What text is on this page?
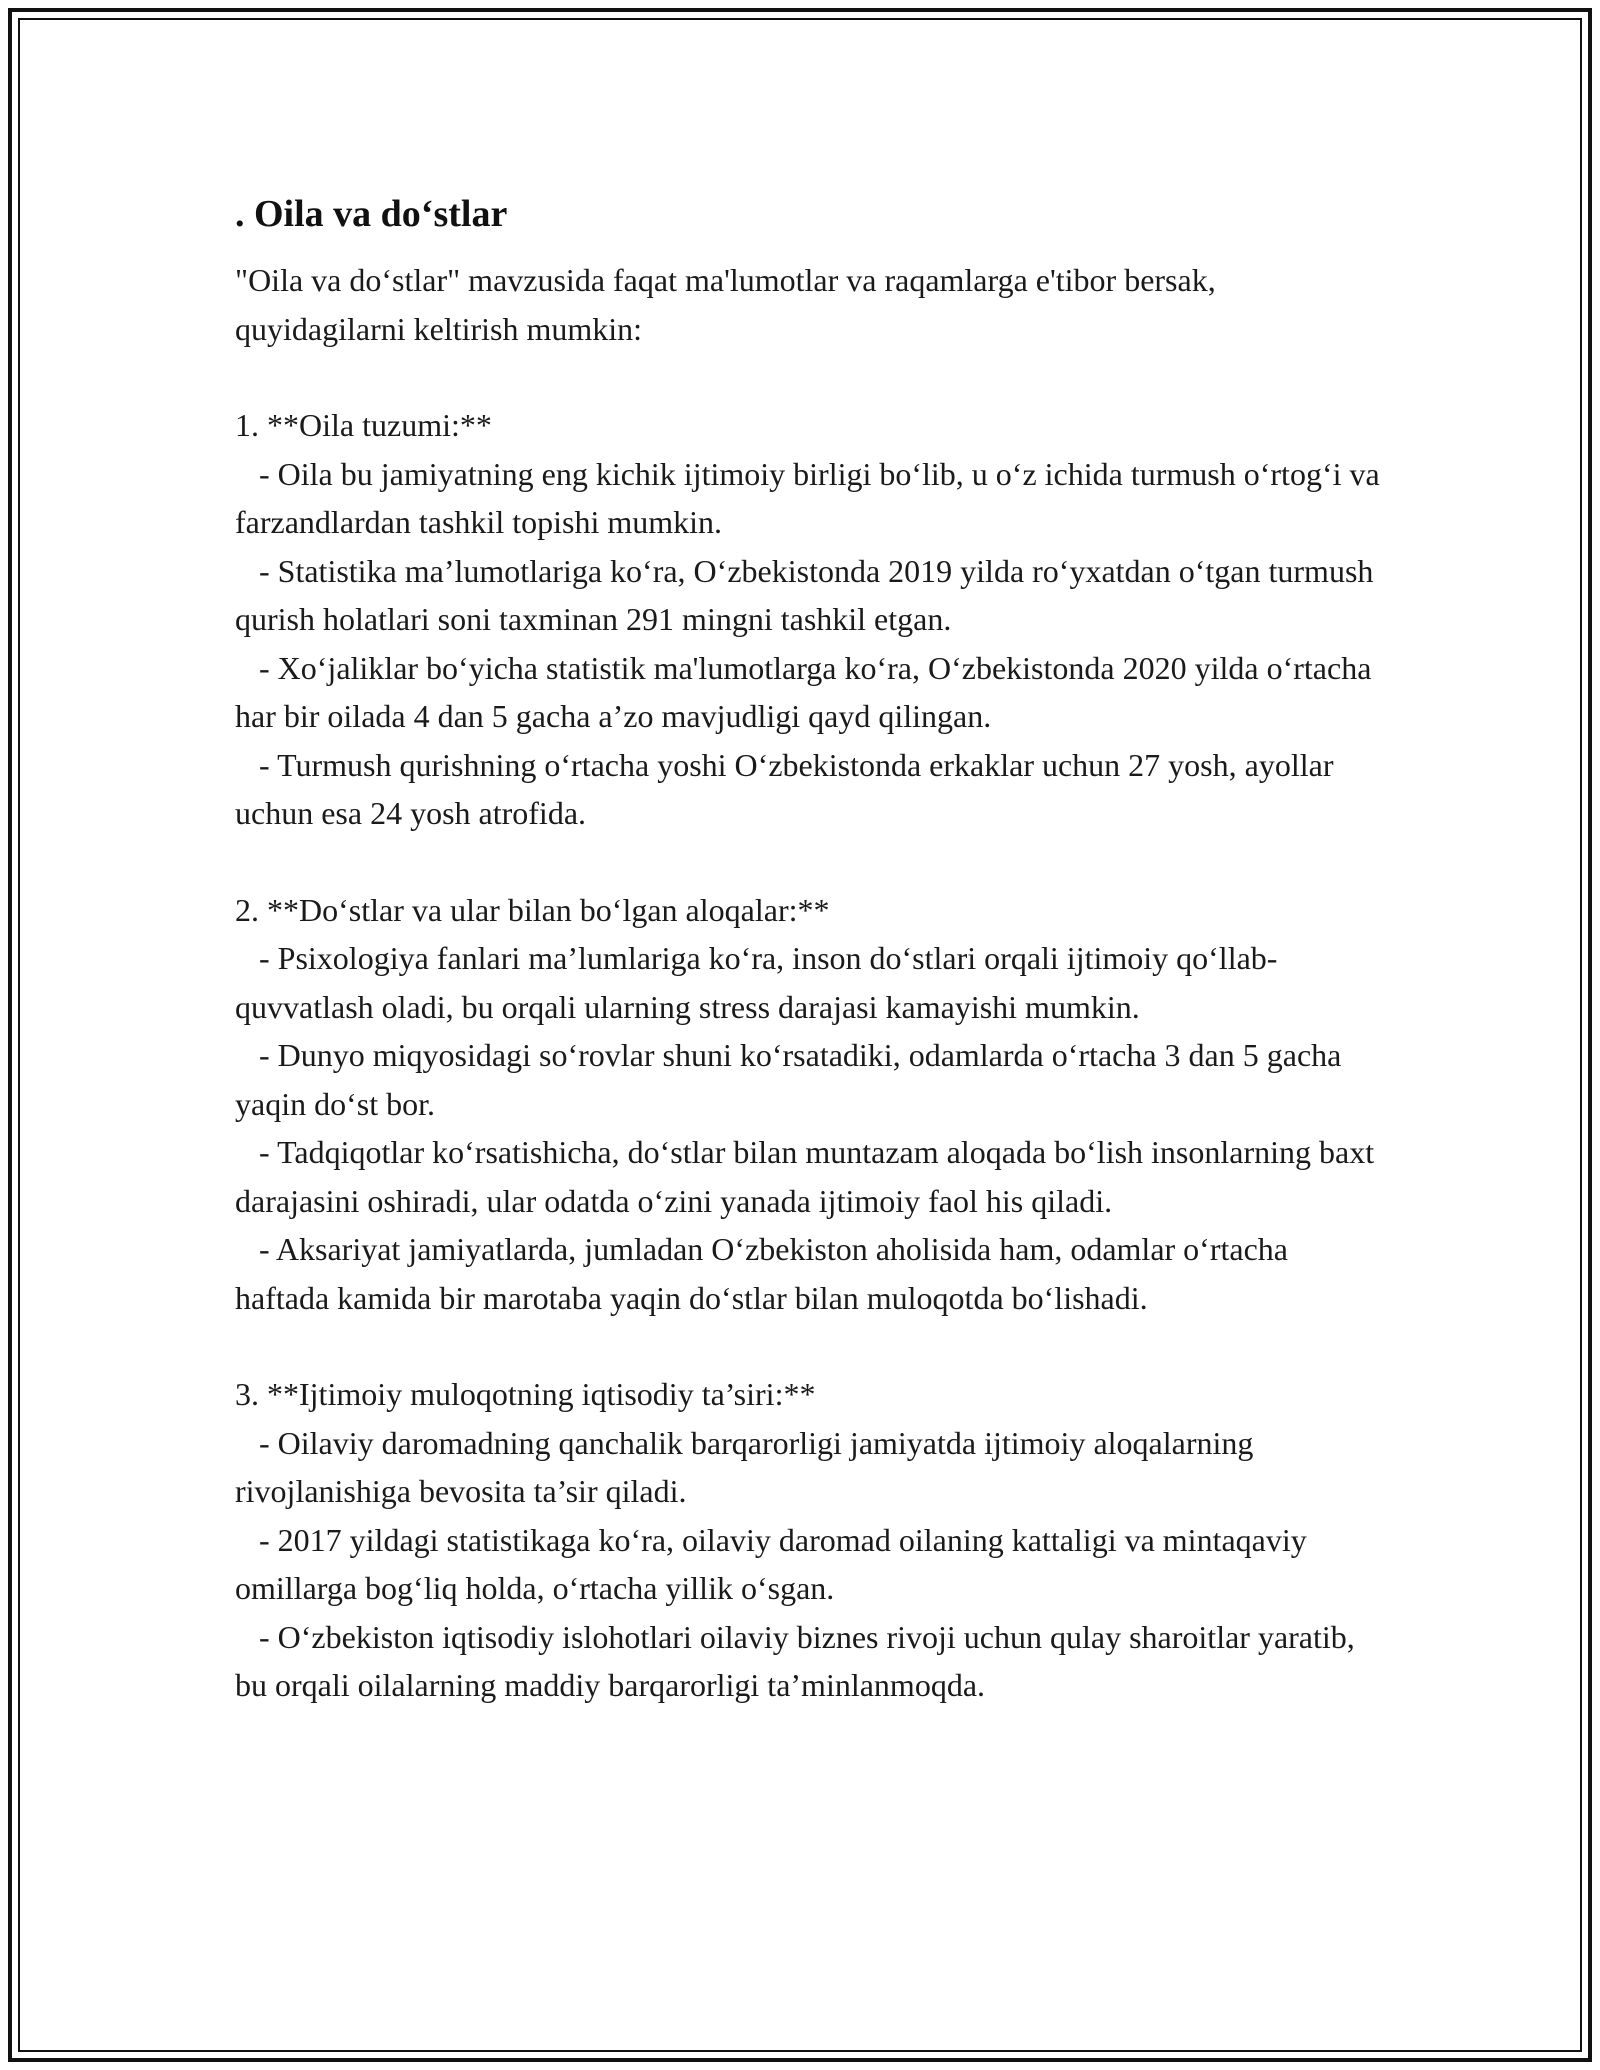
. Oila va do‘stlar

"Oila va do‘stlar" mavzusida faqat ma'lumotlar va raqamlarga e'tibor bersak, quyidagilarni keltirish mumkin:

1. **Oila tuzumi:**

- Oila bu jamiyatning eng kichik ijtimoiy birligi bo‘lib, u o‘z ichida turmush o‘rtog‘i va farzandlardan tashkil topishi mumkin.

- Statistika ma’lumotlariga ko‘ra, O‘zbekistonda 2019 yilda ro‘yxatdan o‘tgan turmush qurish holatlari soni taxminan 291 mingni tashkil etgan.

- Xo‘jaliklar bo‘yicha statistik ma'lumotlarga ko‘ra, O‘zbekistonda 2020 yilda o‘rtacha har bir oilada 4 dan 5 gacha a’zo mavjudligi qayd qilingan.

- Turmush qurishning o‘rtacha yoshi O‘zbekistonda erkaklar uchun 27 yosh, ayollar uchun esa 24 yosh atrofida.

2. **Do‘stlar va ular bilan bo‘lgan aloqalar:**

- Psixologiya fanlari ma’lumlariga ko‘ra, inson do‘stlari orqali ijtimoiy qo‘llab-quvvatlash oladi, bu orqali ularning stress darajasi kamayishi mumkin.

- Dunyo miqyosidagi so‘rovlar shuni ko‘rsatadiki, odamlarda o‘rtacha 3 dan 5 gacha yaqin do‘st bor.

- Tadqiqotlar ko‘rsatishicha, do‘stlar bilan muntazam aloqada bo‘lish insonlarning baxt darajasini oshiradi, ular odatda o‘zini yanada ijtimoiy faol his qiladi.

- Aksariyat jamiyatlarda, jumladan O‘zbekiston aholisida ham, odamlar o‘rtacha haftada kamida bir marotaba yaqin do‘stlar bilan muloqotda bo‘lishadi.

3. **Ijtimoiy muloqotning iqtisodiy ta’siri:**

- Oilaviy daromadning qanchalik barqarorligi jamiyatda ijtimoiy aloqalarning rivojlanishiga bevosita ta’sir qiladi.

- 2017 yildagi statistikaga ko‘ra, oilaviy daromad oilaning kattaligi va mintaqaviy omillarga bog‘liq holda, o‘rtacha yillik o‘sgan.

- O‘zbekiston iqtisodiy islohotlari oilaviy biznes rivoji uchun qulay sharoitlar yaratib, bu orqali oilalarning maddiy barqarorligi ta’minlanmoqda.
